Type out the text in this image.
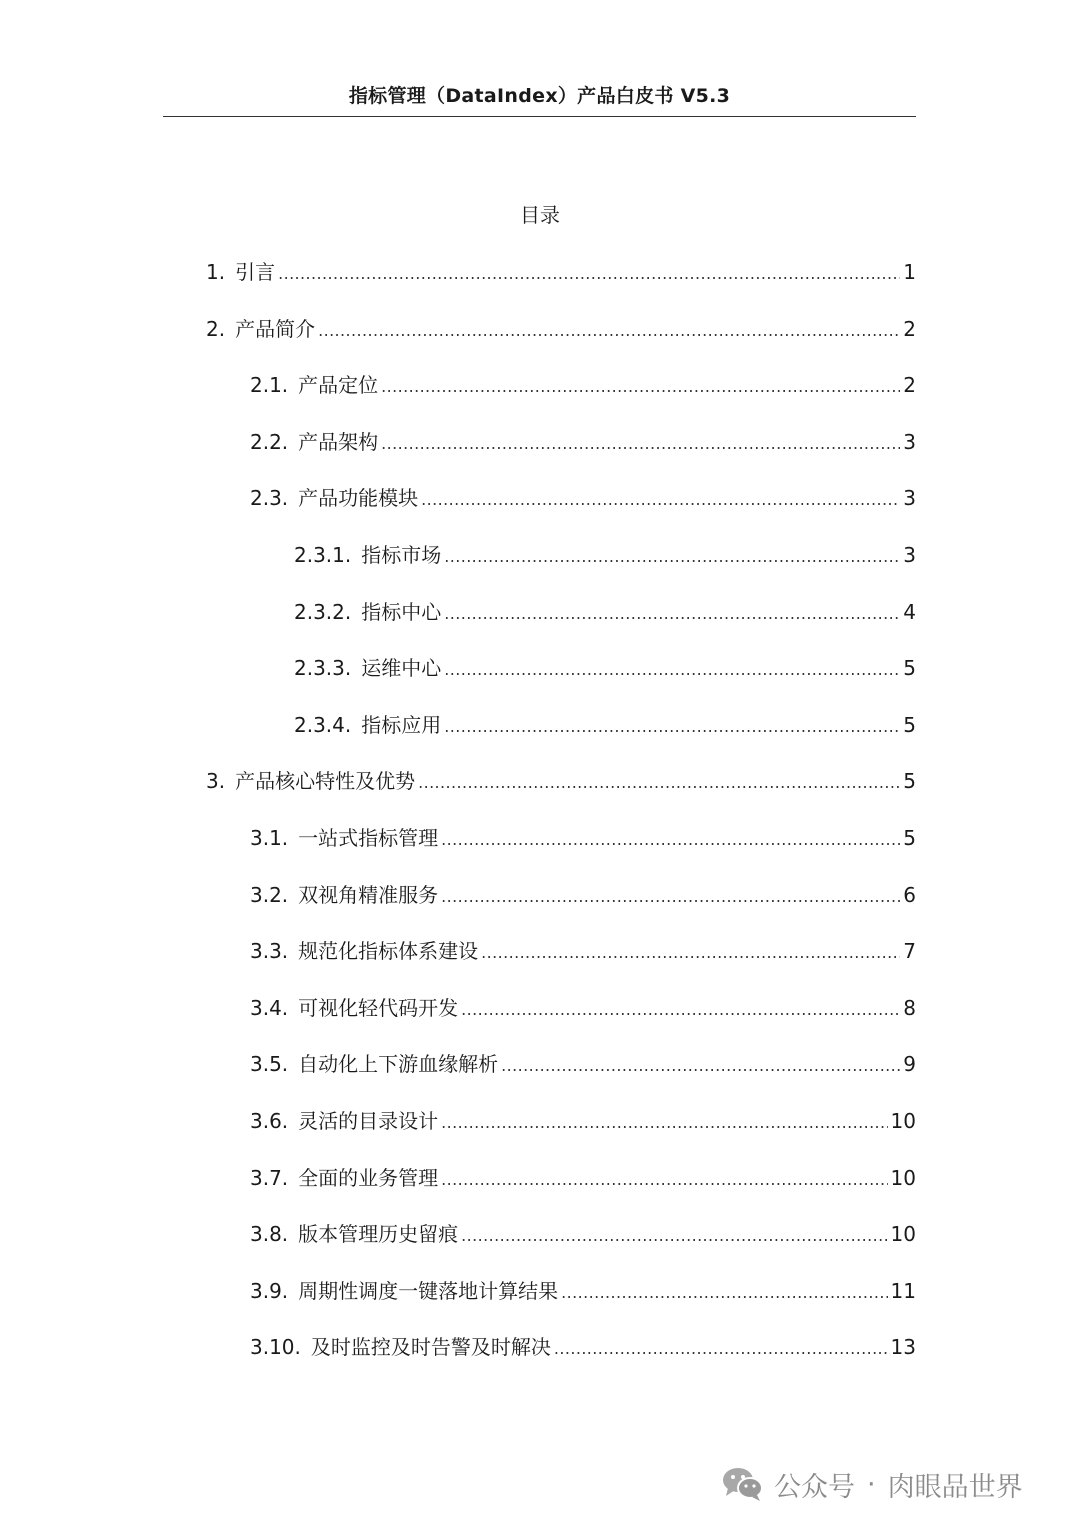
指标管理（DataIndex）产品白皮书 V5.3
目录
1. 引言 .....	1
2. 产品简介 .....	2
2.1. 产品定位 .....	2
2.2. 产品架构 .....	3
2.3. 产品功能模块 .....	3
2.3.1. 指标市场 .....	3
2.3.2. 指标中心 .....	4
2.3.3. 运维中心 .....	5
2.3.4. 指标应用 .....	5
3. 产品核心特性及优势 .....	5
3.1. 一站式指标管理 .....	5
3.2. 双视角精准服务 .....	6
3.3. 规范化指标体系建设 .....	7
3.4. 可视化轻代码开发 .....	8
3.5. 自动化上下游血缘解析 .....	9
3.6. 灵活的目录设计 .....	10
3.7. 全面的业务管理 .....	10
3.8. 版本管理历史留痕 .....	10
3.9. 周期性调度一键落地计算结果 .....	11
3.10. 及时监控及时告警及时解决 .....	13
公众号 · 肉眼品世界
